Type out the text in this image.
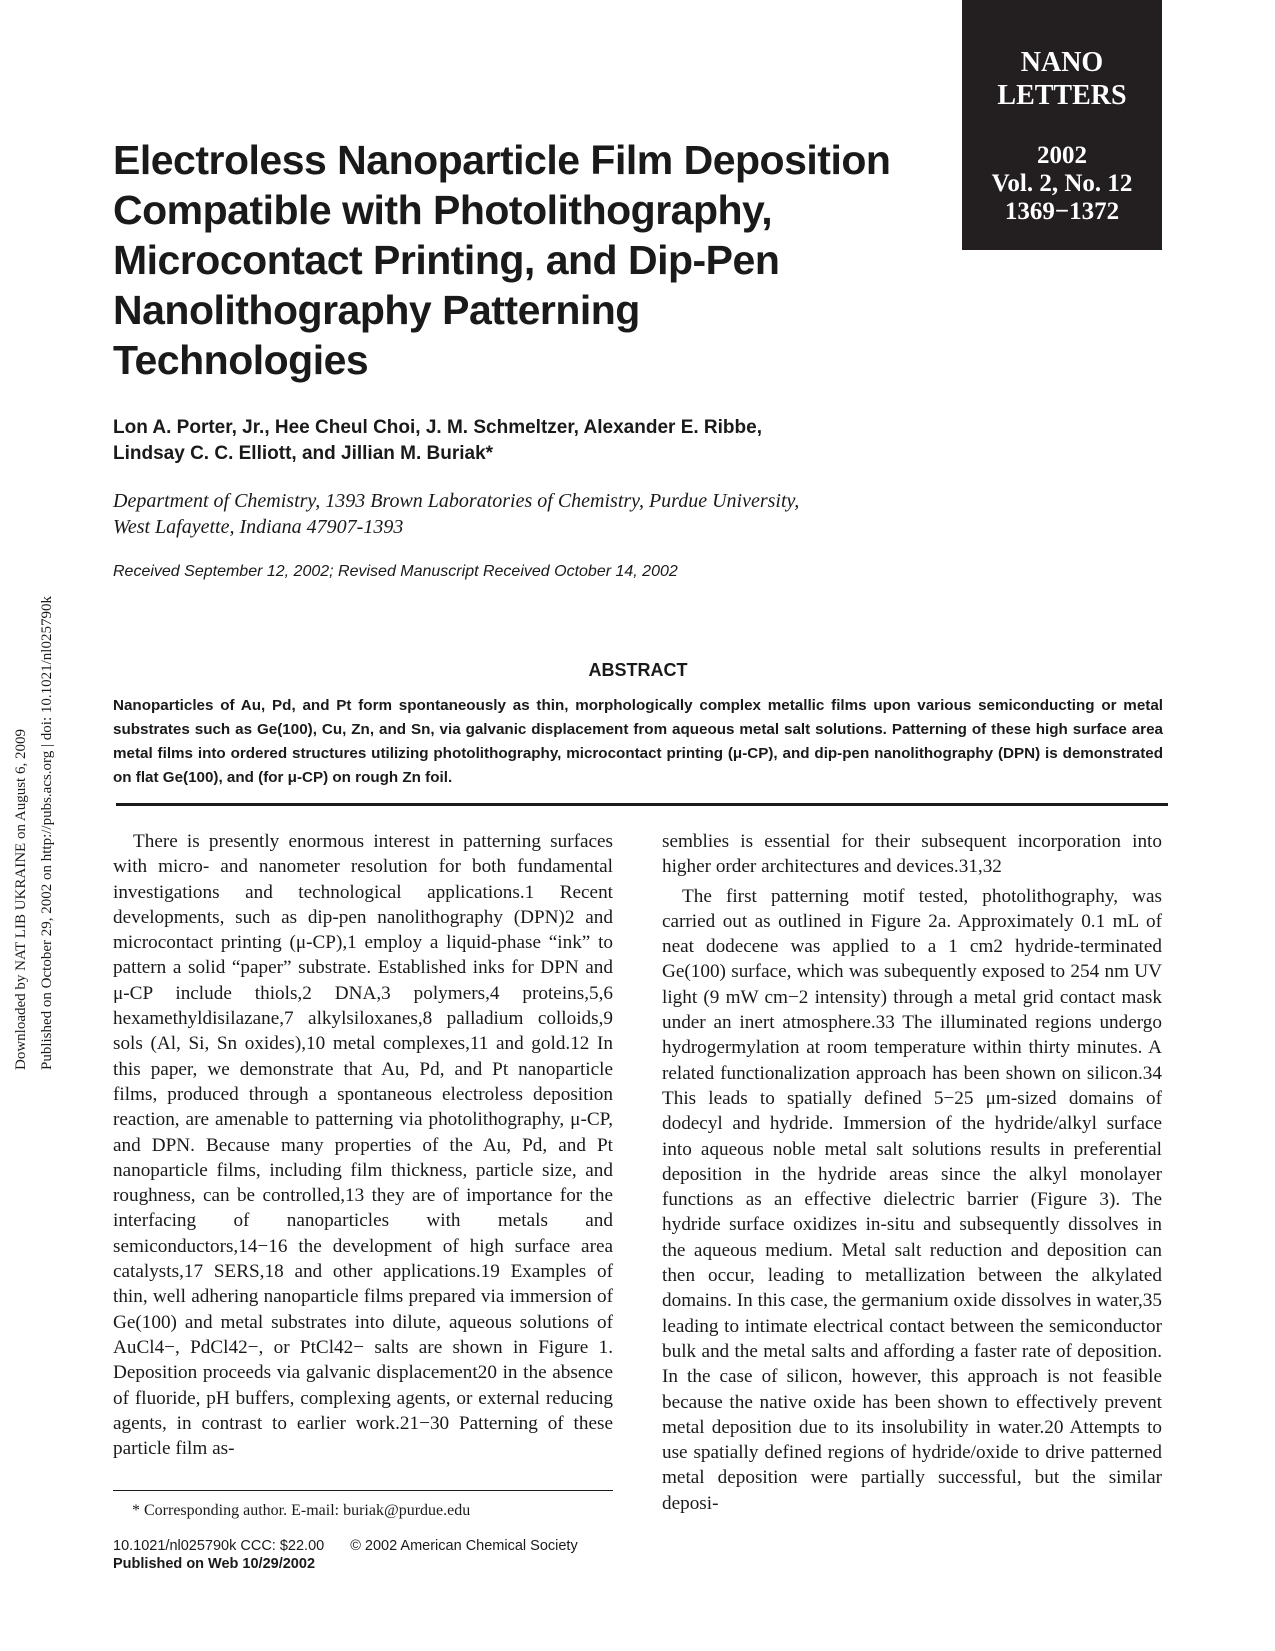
NANO
LETTERS
2002
Vol. 2, No. 12
1369−1372
Downloaded by NAT LIB UKRAINE on August 6, 2009 Published on October 29, 2002 on http://pubs.acs.org | doi: 10.1021/nl025790k
Electroless Nanoparticle Film Deposition Compatible with Photolithography, Microcontact Printing, and Dip-Pen Nanolithography Patterning Technologies
Lon A. Porter, Jr., Hee Cheul Choi, J. M. Schmeltzer, Alexander E. Ribbe,
Lindsay C. C. Elliott, and Jillian M. Buriak*
Department of Chemistry, 1393 Brown Laboratories of Chemistry, Purdue University,
West Lafayette, Indiana 47907-1393
Received September 12, 2002; Revised Manuscript Received October 14, 2002
ABSTRACT
Nanoparticles of Au, Pd, and Pt form spontaneously as thin, morphologically complex metallic films upon various semiconducting or metal substrates such as Ge(100), Cu, Zn, and Sn, via galvanic displacement from aqueous metal salt solutions. Patterning of these high surface area metal films into ordered structures utilizing photolithography, microcontact printing (μ-CP), and dip-pen nanolithography (DPN) is demonstrated on flat Ge(100), and (for μ-CP) on rough Zn foil.

There is presently enormous interest in patterning surfaces with micro- and nanometer resolution for both fundamental investigations and technological applications.1 Recent developments, such as dip-pen nanolithography (DPN)2 and microcontact printing (μ-CP),1 employ a liquid-phase “ink” to pattern a solid “paper” substrate. Established inks for DPN and μ-CP include thiols,2 DNA,3 polymers,4 proteins,5,6 hexamethyldisilazane,7 alkylsiloxanes,8 palladium colloids,9 sols (Al, Si, Sn oxides),10 metal complexes,11 and gold.12 In this paper, we demonstrate that Au, Pd, and Pt nanoparticle films, produced through a spontaneous electroless deposition reaction, are amenable to patterning via photolithography, μ-CP, and DPN. Because many properties of the Au, Pd, and Pt nanoparticle films, including film thickness, particle size, and roughness, can be controlled,13 they are of importance for the interfacing of nanoparticles with metals and semiconductors,14−16 the development of high surface area catalysts,17 SERS,18 and other applications.19 Examples of thin, well adhering nanoparticle films prepared via immersion of Ge(100) and metal substrates into dilute, aqueous solutions of AuCl4−, PdCl42−, or PtCl42− salts are shown in Figure 1. Deposition proceeds via galvanic displacement20 in the absence of fluoride, pH buffers, complexing agents, or external reducing agents, in contrast to earlier work.21−30 Patterning of these particle film as-

semblies is essential for their subsequent incorporation into higher order architectures and devices.31,32

The first patterning motif tested, photolithography, was carried out as outlined in Figure 2a. Approximately 0.1 mL of neat dodecene was applied to a 1 cm2 hydride-terminated Ge(100) surface, which was subequently exposed to 254 nm UV light (9 mW cm−2 intensity) through a metal grid contact mask under an inert atmosphere.33 The illuminated regions undergo hydrogermylation at room temperature within thirty minutes. A related functionalization approach has been shown on silicon.34 This leads to spatially defined 5−25 μm-sized domains of dodecyl and hydride. Immersion of the hydride/alkyl surface into aqueous noble metal salt solutions results in preferential deposition in the hydride areas since the alkyl monolayer functions as an effective dielectric barrier (Figure 3). The hydride surface oxidizes in-situ and subsequently dissolves in the aqueous medium. Metal salt reduction and deposition can then occur, leading to metallization between the alkylated domains. In this case, the germanium oxide dissolves in water,35 leading to intimate electrical contact between the semiconductor bulk and the metal salts and affording a faster rate of deposition. In the case of silicon, however, this approach is not feasible because the native oxide has been shown to effectively prevent metal deposition due to its insolubility in water.20 Attempts to use spatially defined regions of hydride/oxide to drive patterned metal deposition were partially successful, but the similar deposi-

* Corresponding author. E-mail: buriak@purdue.edu
10.1021/nl025790k CCC: $22.00 © 2002 American Chemical Society
Published on Web 10/29/2002
